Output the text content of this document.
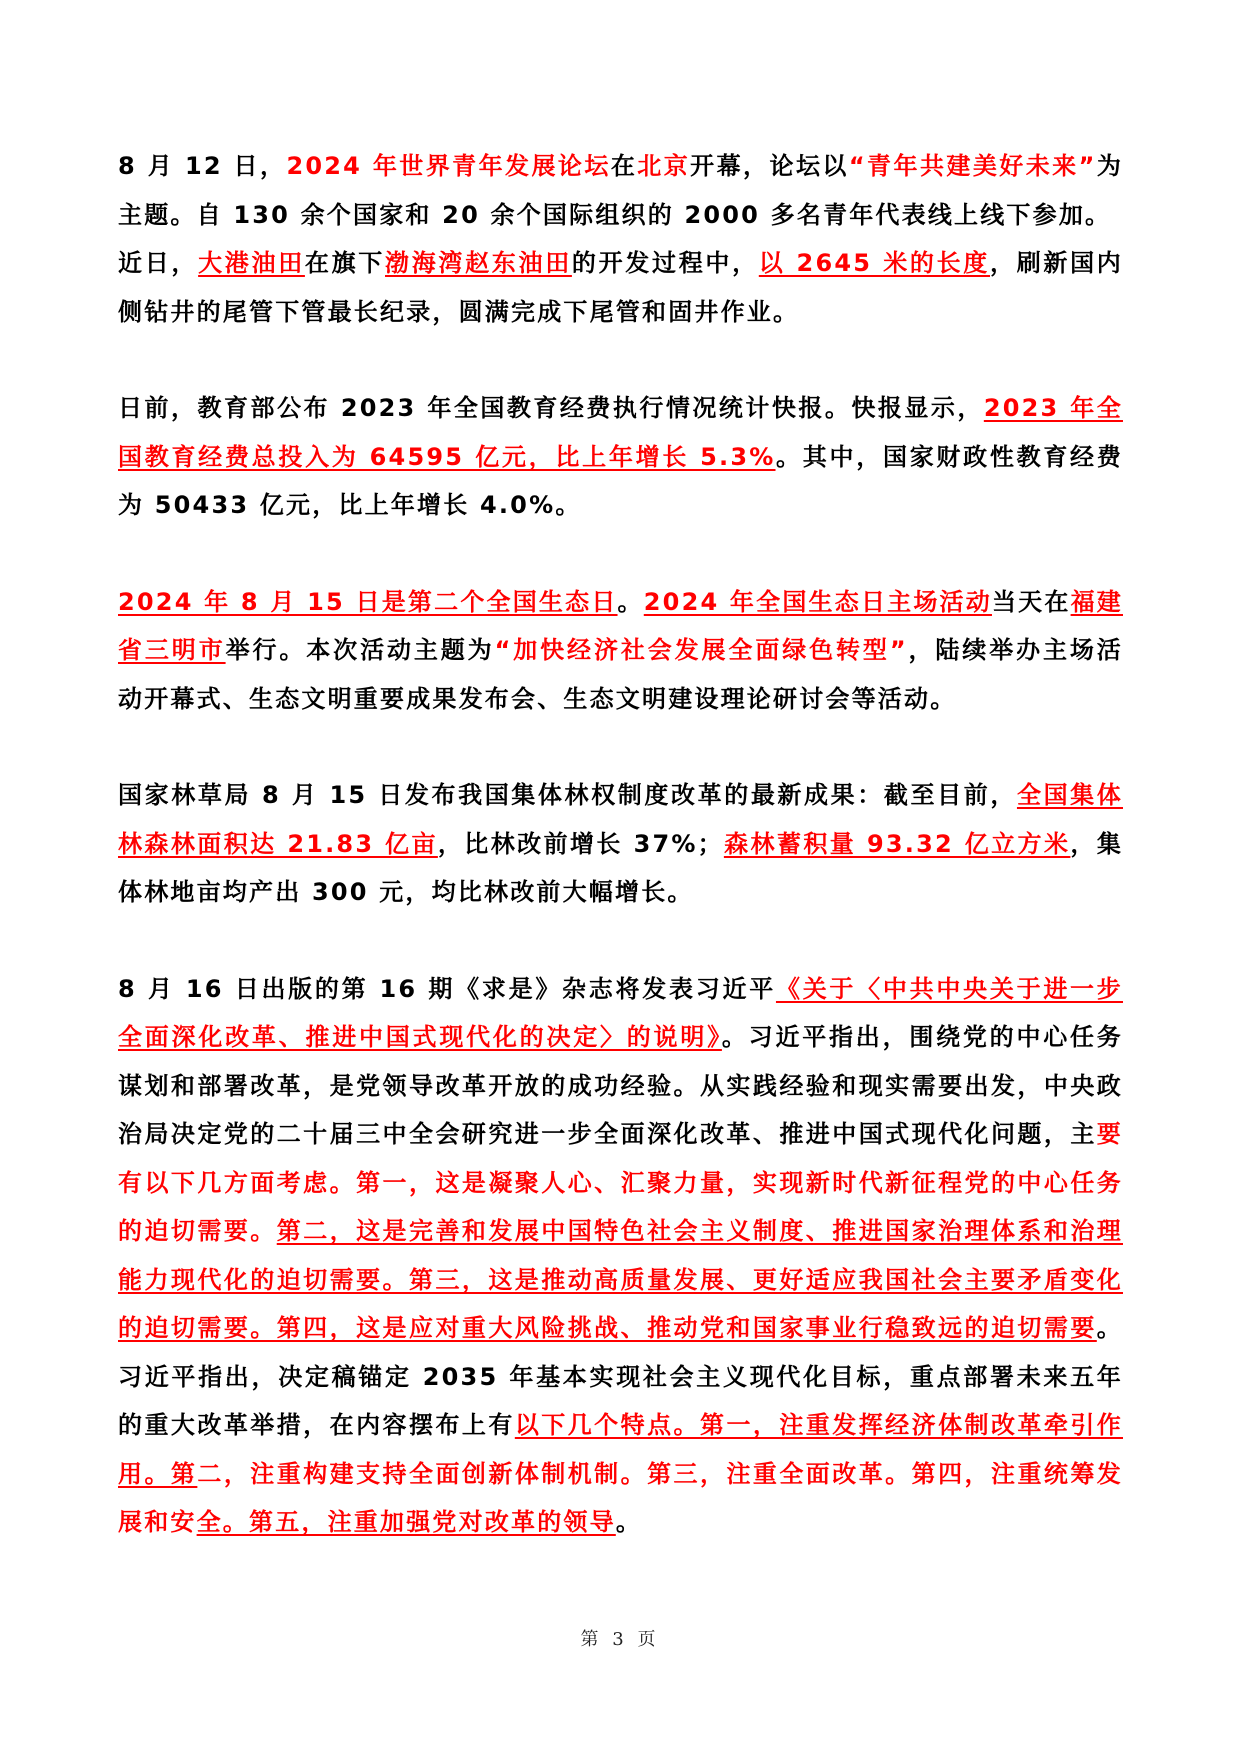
8 月 12 日，2024 年世界青年发展论坛在北京开幕，论坛以“青年共建美好未来”为主题。自 130 余个国家和 20 余个国际组织的 2000 多名青年代表线上线下参加。

近日，大港油田在旗下渤海湾赵东油田的开发过程中，以 2645 米的长度，刷新国内侧钻井的尾管下管最长纪录，圆满完成下尾管和固井作业。

日前，教育部公布 2023 年全国教育经费执行情况统计快报。快报显示，2023 年全国教育经费总投入为 64595 亿元，比上年增长 5.3%。其中，国家财政性教育经费为 50433 亿元，比上年增长 4.0%。

2024 年 8 月 15 日是第二个全国生态日。2024 年全国生态日主场活动当天在福建省三明市举行。本次活动主题为“加快经济社会发展全面绿色转型”，陆续举办主场活动开幕式、生态文明重要成果发布会、生态文明建设理论研讨会等活动。

国家林草局 8 月 15 日发布我国集体林权制度改革的最新成果：截至目前，全国集体林森林面积达 21.83 亿亩，比林改前增长 37%；森林蓄积量 93.32 亿立方米，集体林地亩均产出 300 元，均比林改前大幅增长。

8 月 16 日出版的第 16 期《求是》杂志将发表习近平《关于〈中共中央关于进一步全面深化改革、推进中国式现代化的决定〉的说明》。习近平指出，围绕党的中心任务谋划和部署改革，是党领导改革开放的成功经验。从实践经验和现实需要出发，中央政治局决定党的二十届三中全会研究进一步全面深化改革、推进中国式现代化问题，主要有以下几方面考虑。第一，这是凝聚人心、汇聚力量，实现新时代新征程党的中心任务的迫切需要。第二，这是完善和发展中国特色社会主义制度、推进国家治理体系和治理能力现代化的迫切需要。第三，这是推动高质量发展、更好适应我国社会主要矛盾变化的迫切需要。第四，这是应对重大风险挑战、推动党和国家事业行稳致远的迫切需要。习近平指出，决定稿锚定 2035 年基本实现社会主义现代化目标，重点部署未来五年的重大改革举措，在内容摆布上有以下几个特点。第一，注重发挥经济体制改革牵引作用。第二，注重构建支持全面创新体制机制。第三，注重全面改革。第四，注重统筹发展和安全。第五，注重加强党对改革的领导。

第 3 页
